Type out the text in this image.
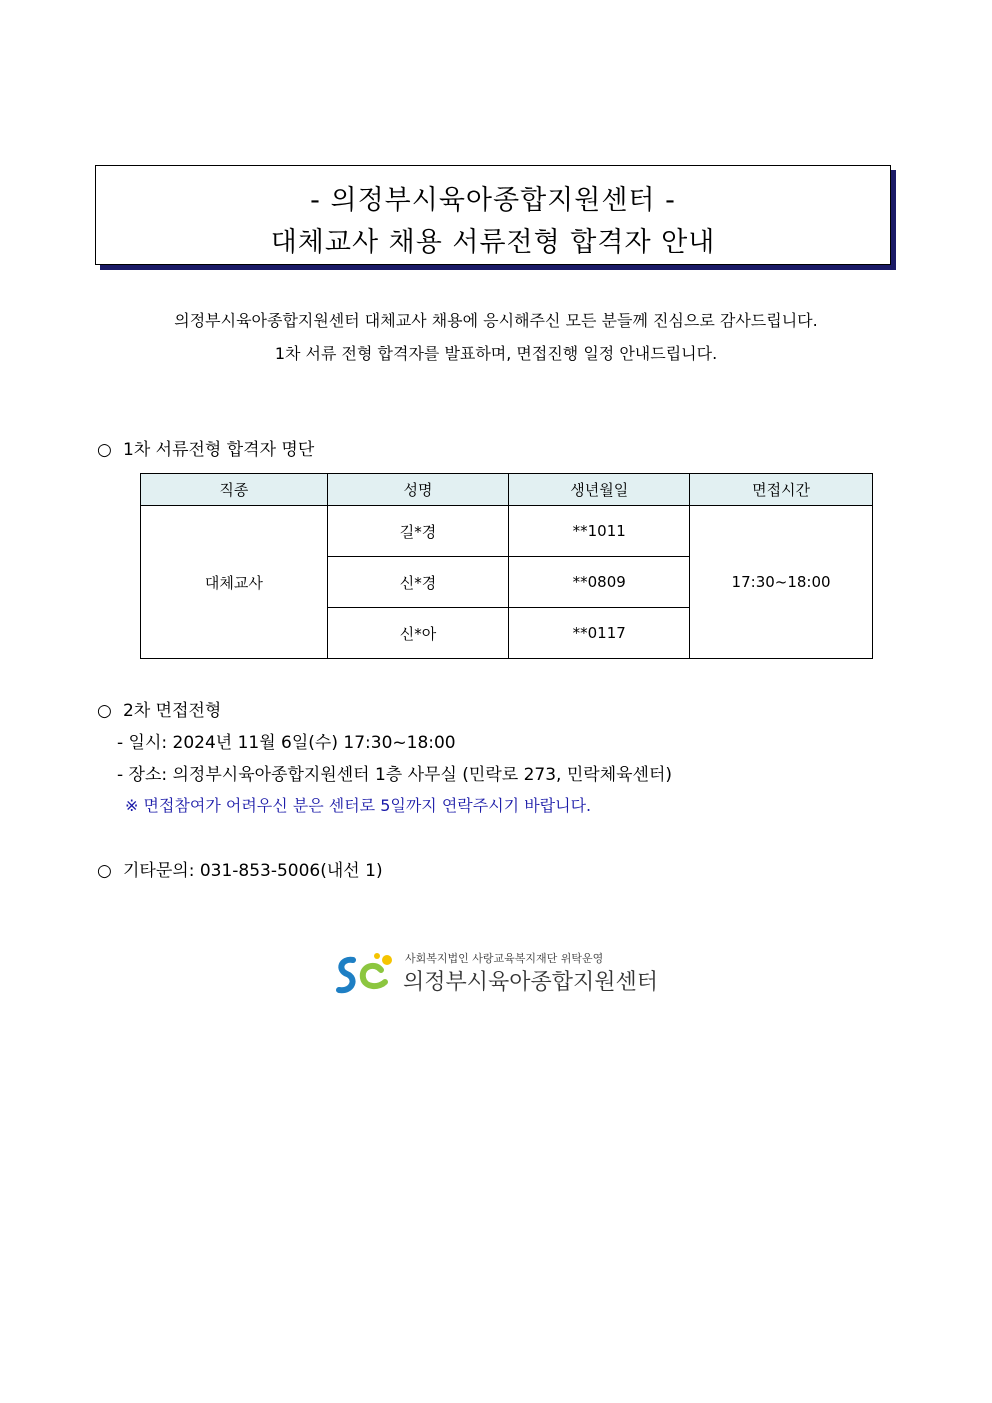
- 의정부시육아종합지원센터 -
대체교사 채용 서류전형 합격자 안내
의정부시육아종합지원센터 대체교사 채용에 응시해주신 모든 분들께 진심으로 감사드립니다.
1차 서류 전형 합격자를 발표하며, 면접진행 일정 안내드립니다.
○ 1차 서류전형 합격자 명단
직종	성명	생년월일	면접시간
대체교사	길*경	**1011	17:30~18:00
	신*경	**0809	
	신*아	**0117	
○ 2차 면접전형
- 일시: 2024년 11월 6일(수) 17:30~18:00
- 장소: 의정부시육아종합지원센터 1층 사무실 (민락로 273, 민락체육센터)
※ 면접참여가 어려우신 분은 센터로 5일까지 연락주시기 바랍니다.
○ 기타문의: 031-853-5006(내선 1)
사회복지법인 사랑교육복지재단 위탁운영
의정부시육아종합지원센터
